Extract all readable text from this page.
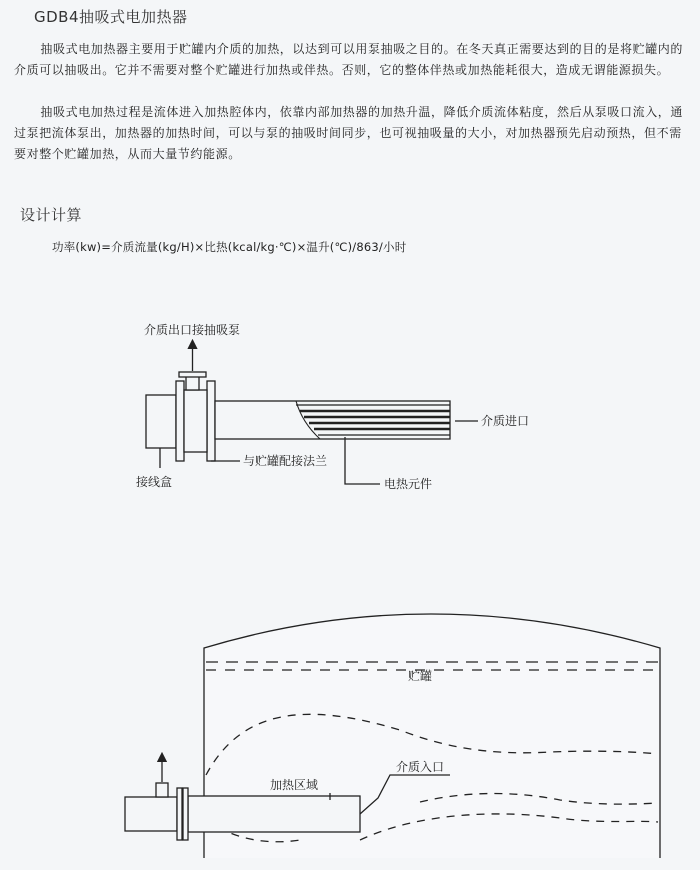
GDB4抽吸式电加热器

抽吸式电加热器主要用于贮罐内介质的加热，以达到可以用泵抽吸之目的。在冬天真正需要达到的目的是将贮罐内的介质可以抽吸出。它并不需要对整个贮罐进行加热或伴热。否则，它的整体伴热或加热能耗很大，造成无谓能源损失。

抽吸式电加热过程是流体进入加热腔体内，依靠内部加热器的加热升温，降低介质流体粘度，然后从泵吸口流入，通过泵把流体泵出，加热器的加热时间，可以与泵的抽吸时间同步，也可视抽吸量的大小，对加热器预先启动预热，但不需要对整个贮罐加热，从而大量节约能源。

设计计算
功率(kw)=介质流量(kg/H)×比热(kcal/kg·℃)×温升(℃)/863/小时
介质出口接抽吸泵
介质进口
与贮罐配接法兰
接线盒	电热元件
贮罐
加热区域
介质入口
